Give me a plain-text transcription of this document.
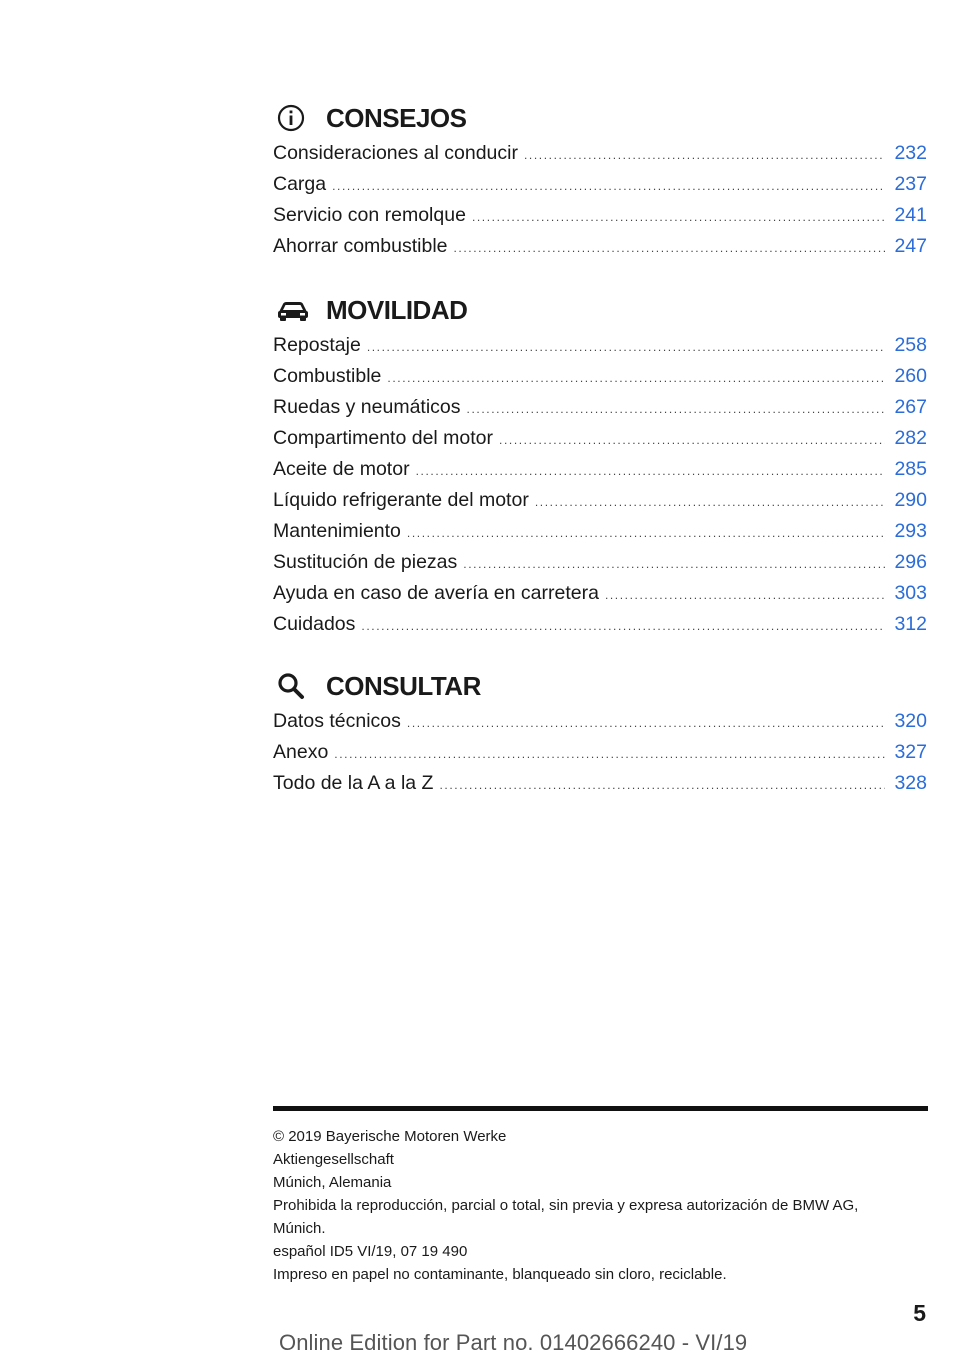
CONSEJOS
Consideraciones al conducir .....	232
Carga .....	237
Servicio con remolque .....	241
Ahorrar combustible .....	247
MOVILIDAD
Repostaje .....	258
Combustible .....	260
Ruedas y neumáticos .....	267
Compartimento del motor .....	282
Aceite de motor .....	285
Líquido refrigerante del motor .....	290
Mantenimiento .....	293
Sustitución de piezas .....	296
Ayuda en caso de avería en carretera .....	303
Cuidados .....	312
CONSULTAR
Datos técnicos .....	320
Anexo .....	327
Todo de la A a la Z .....	328
© 2019 Bayerische Motoren Werke
Aktiengesellschaft
Múnich, Alemania
Prohibida la reproducción, parcial o total, sin previa y expresa autorización de BMW AG,
Múnich.
español ID5 VI/19, 07 19 490
Impreso en papel no contaminante, blanqueado sin cloro, reciclable.
5
Online Edition for Part no. 01402666240 - VI/19
